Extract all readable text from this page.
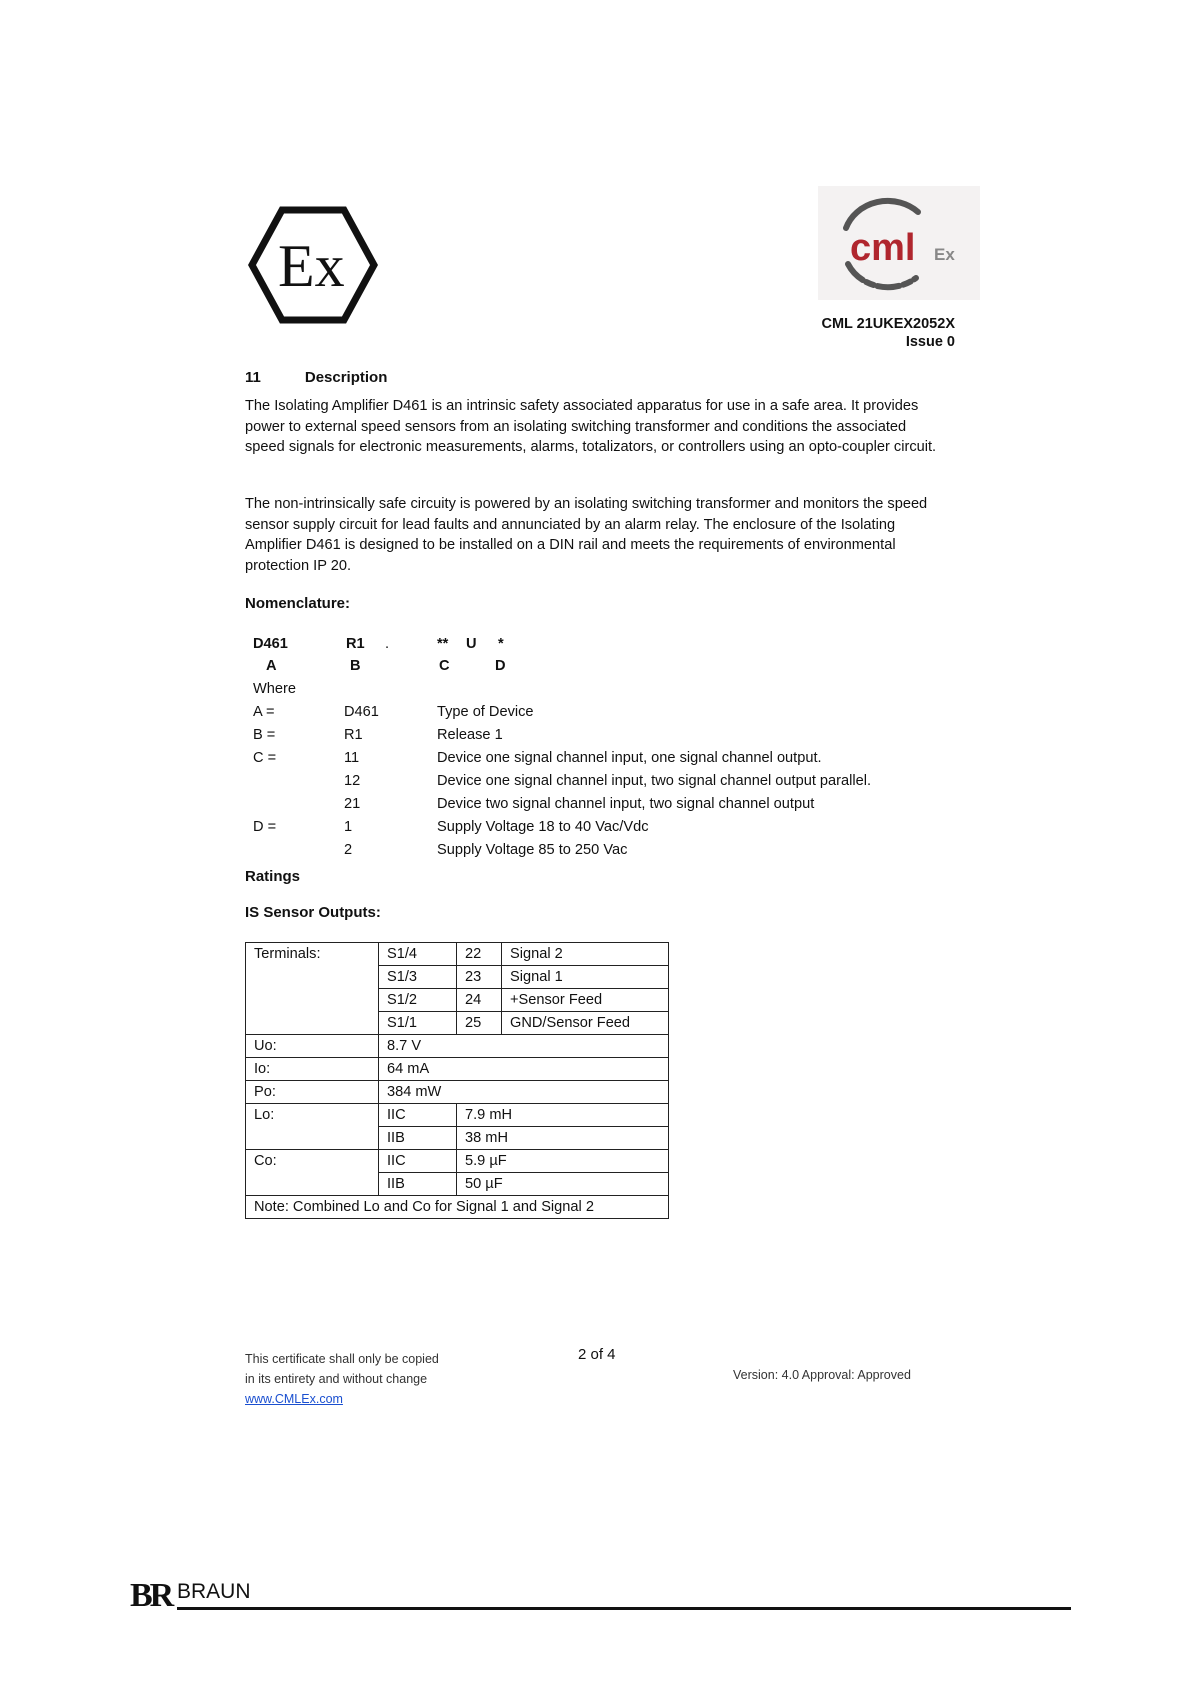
Ex	cml Ex
CML 21UKEX2052X
Issue 0
11	Description
The Isolating Amplifier D461 is an intrinsic safety associated apparatus for use in a safe area. It provides power to external speed sensors from an isolating switching transformer and conditions the associated speed signals for electronic measurements, alarms, totalizators, or controllers using an opto-coupler circuit.
The non-intrinsically safe circuity is powered by an isolating switching transformer and monitors the speed sensor supply circuit for lead faults and annunciated by an alarm relay. The enclosure of the Isolating Amplifier D461 is designed to be installed on a DIN rail and meets the requirements of environmental protection IP 20.
Nomenclature:
D461	R1 .	** U *
A	B	C	D
Where
A =	D461	Type of Device
B =	R1	Release 1
C =	11	Device one signal channel input, one signal channel output.
12	Device one signal channel input, two signal channel output parallel.
21	Device two signal channel input, two signal channel output
D =	1	Supply Voltage 18 to 40 Vac/Vdc
2	Supply Voltage 85 to 250 Vac
Ratings
IS Sensor Outputs:
Terminals:	S1/4	22	Signal 2
	S1/3	23	Signal 1
	S1/2	24	+Sensor Feed
	S1/1	25	GND/Sensor Feed
Uo:	8.7 V		
Io:	64 mA		
Po:	384 mW		
Lo:	IIC	7.9 mH	
	IIB	38 mH	
Co:	IIC	5.9 µF	
	IIB	50 µF	
Note: Combined Lo and Co for Signal 1 and Signal 2			
This certificate shall only be copied
in its entirety and without change
www.CMLEx.com
2 of 4
Version: 4.0 Approval: Approved
BR BRAUN
